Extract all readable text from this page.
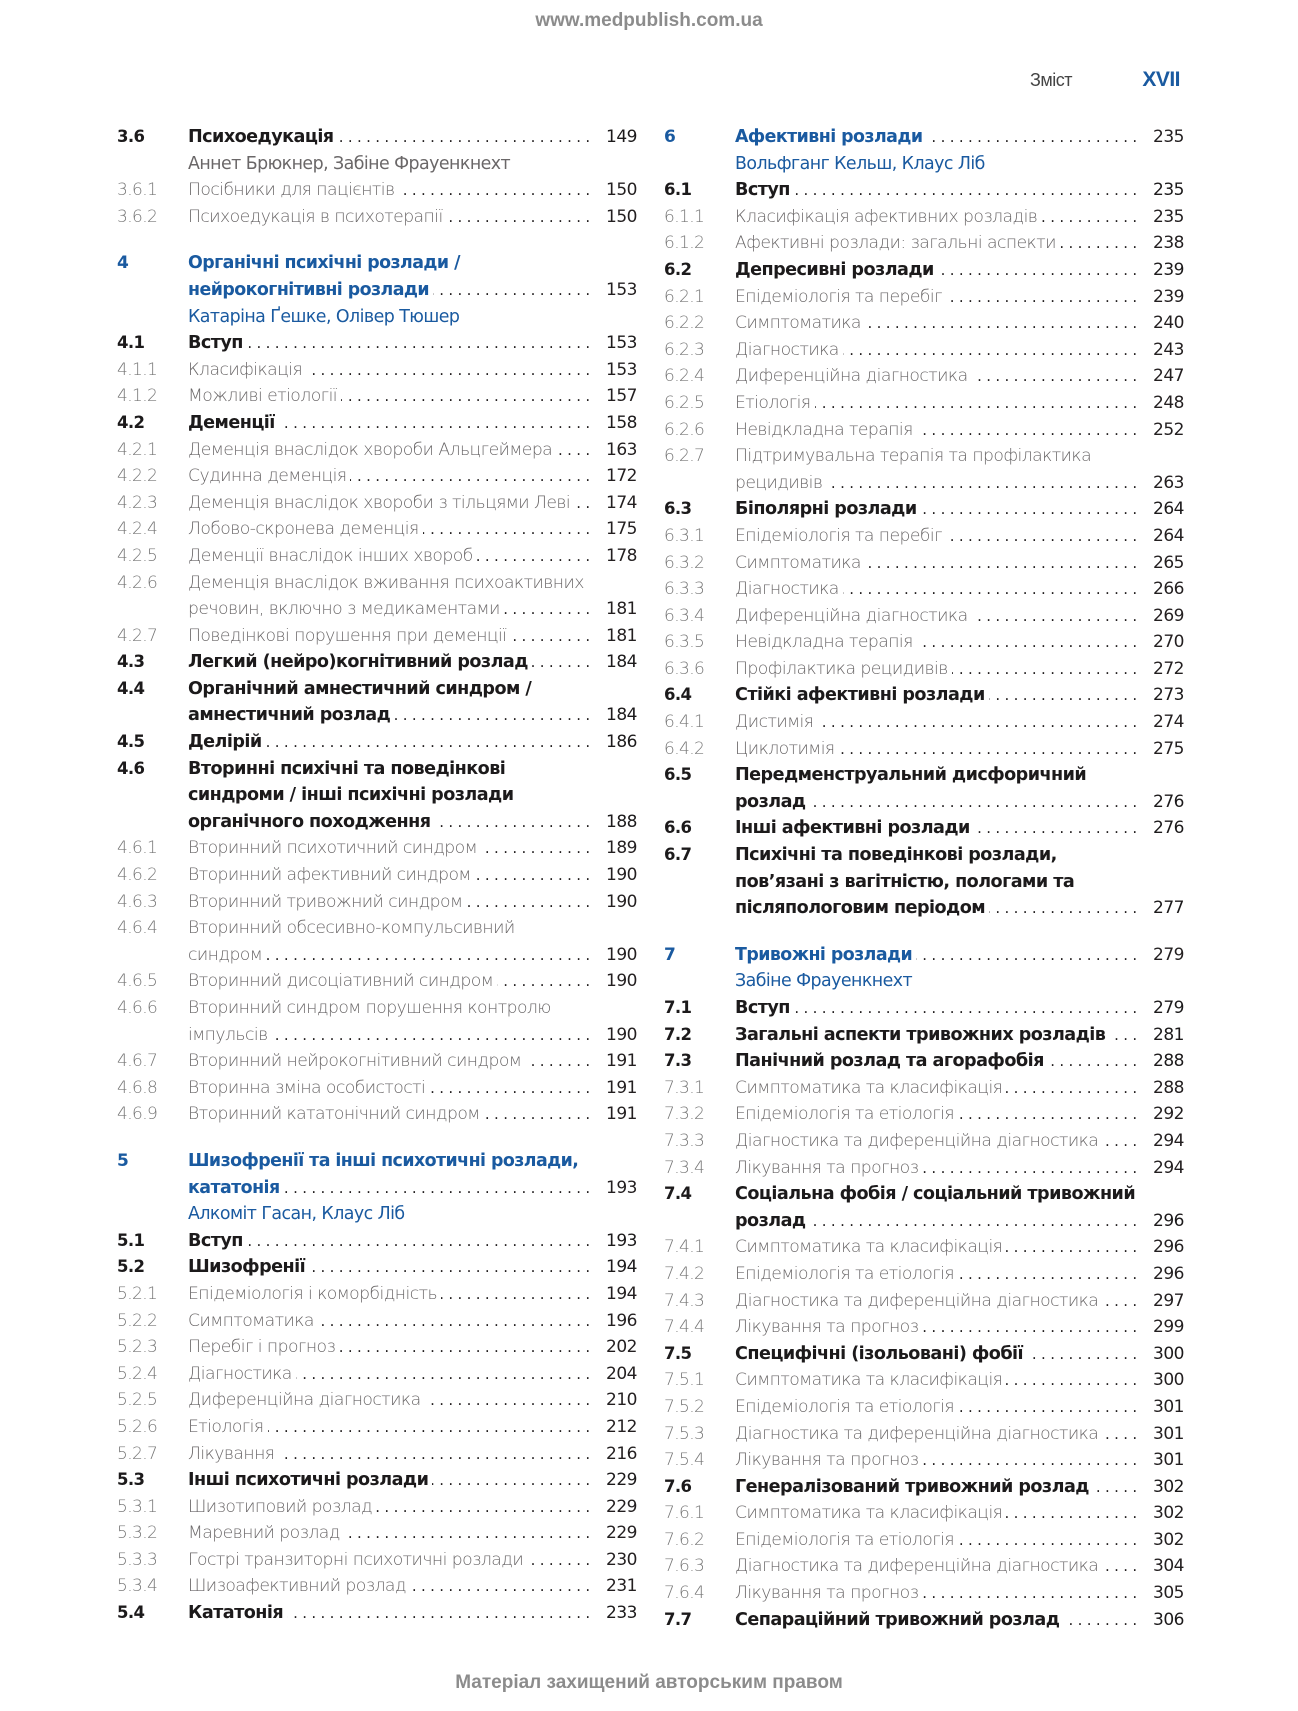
www.medpublish.com.ua
Зміст	XVII
3.6	Психоедукація . . .	149
Аннет Брюкнер, Забіне Фрауенкнехт
3.6.1	Посібники для пацієнтів . . .	150
3.6.2	Психоедукація в психотерапії . . .	150
4	Органічні психічні розлади / нейрокогнітивні розлади . . .	153
Катаріна Ґешке, Олівер Тюшер
4.1	Вступ . . .	153
4.1.1	Класифікація . . .	153
4.1.2	Можливі етіології . . .	157
4.2	Деменції . . .	158
4.2.1	Деменція внаслідок хвороби Альцгеймера . . .	163
4.2.2	Судинна деменція . . .	172
4.2.3	Деменція внаслідок хвороби з тільцями Леві . . .	174
4.2.4	Лобово-скронева деменція . . .	175
4.2.5	Деменції внаслідок інших хвороб . . .	178
4.2.6	Деменція внаслідок вживання психоактивних речовин, включно з медикаментами . . .	181
4.2.7	Поведінкові порушення при деменції . . .	181
4.3	Легкий (нейро)когнітивний розлад . . .	184
4.4	Органічний амнестичний синдром / амнестичний розлад . . .	184
4.5	Делірій . . .	186
4.6	Вторинні психічні та поведінкові синдроми / інші психічні розлади органічного походження . . .	188
4.6.1	Вторинний психотичний синдром . . .	189
4.6.2	Вторинний афективний синдром . . .	190
4.6.3	Вторинний тривожний синдром . . .	190
4.6.4	Вторинний обсесивно-компульсивний синдром . . .	190
4.6.5	Вторинний дисоціативний синдром . . .	190
4.6.6	Вторинний синдром порушення контролю імпульсів . . .	190
4.6.7	Вторинний нейрокогнітивний синдром . . .	191
4.6.8	Вторинна зміна особистості . . .	191
4.6.9	Вторинний кататонічний синдром . . .	191
5	Шизофренії та інші психотичні розлади, кататонія . . .	193
Алкоміт Гасан, Клаус Ліб
5.1	Вступ . . .	193
5.2	Шизофренії . . .	194
5.2.1	Епідеміологія і коморбідність . . .	194
5.2.2	Симптоматика . . .	196
5.2.3	Перебіг і прогноз . . .	202
5.2.4	Діагностика . . .	204
5.2.5	Диференційна діагностика . . .	210
5.2.6	Етіологія . . .	212
5.2.7	Лікування . . .	216
5.3	Інші психотичні розлади . . .	229
5.3.1	Шизотиповий розлад . . .	229
5.3.2	Маревний розлад . . .	229
5.3.3	Гострі транзиторні психотичні розлади . . .	230
5.3.4	Шизоафективний розлад . . .	231
5.4	Кататонія . . .	233
6	Афективні розлади . . .	235
Вольфганг Кельш, Клаус Ліб
6.1	Вступ . . .	235
6.1.1	Класифікація афективних розладів . . .	235
6.1.2	Афективні розлади: загальні аспекти . . .	238
6.2	Депресивні розлади . . .	239
6.2.1	Епідеміологія та перебіг . . .	239
6.2.2	Симптоматика . . .	240
6.2.3	Діагностика . . .	243
6.2.4	Диференційна діагностика . . .	247
6.2.5	Етіологія . . .	248
6.2.6	Невідкладна терапія . . .	252
6.2.7	Підтримувальна терапія та профілактика рецидивів . . .	263
6.3	Біполярні розлади . . .	264
6.3.1	Епідеміологія та перебіг . . .	264
6.3.2	Симптоматика . . .	265
6.3.3	Діагностика . . .	266
6.3.4	Диференційна діагностика . . .	269
6.3.5	Невідкладна терапія . . .	270
6.3.6	Профілактика рецидивів . . .	272
6.4	Стійкі афективні розлади . . .	273
6.4.1	Дистимія . . .	274
6.4.2	Циклотимія . . .	275
6.5	Передменструальний дисфоричний розлад . . .	276
6.6	Інші афективні розлади . . .	276
6.7	Психічні та поведінкові розлади, пов’язані з вагітністю, пологами та післяпологовим періодом . . .	277
7	Тривожні розлади . . .	279
Забіне Фрауенкнехт
7.1	Вступ . . .	279
7.2	Загальні аспекти тривожних розладів . . .	281
7.3	Панічний розлад та агорафобія . . .	288
7.3.1	Симптоматика та класифікація . . .	288
7.3.2	Епідеміологія та етіологія . . .	292
7.3.3	Діагностика та диференційна діагностика . . .	294
7.3.4	Лікування та прогноз . . .	294
7.4	Соціальна фобія / соціальний тривожний розлад . . .	296
7.4.1	Симптоматика та класифікація . . .	296
7.4.2	Епідеміологія та етіологія . . .	296
7.4.3	Діагностика та диференційна діагностика . . .	297
7.4.4	Лікування та прогноз . . .	299
7.5	Специфічні (ізольовані) фобії . . .	300
7.5.1	Симптоматика та класифікація . . .	300
7.5.2	Епідеміологія та етіологія . . .	301
7.5.3	Діагностика та диференційна діагностика . . .	301
7.5.4	Лікування та прогноз . . .	301
7.6	Генералізований тривожний розлад . . .	302
7.6.1	Симптоматика та класифікація . . .	302
7.6.2	Епідеміологія та етіологія . . .	302
7.6.3	Діагностика та диференційна діагностика . . .	304
7.6.4	Лікування та прогноз . . .	305
7.7	Сепараційний тривожний розлад . . .	306
Матеріал захищений авторським правом
